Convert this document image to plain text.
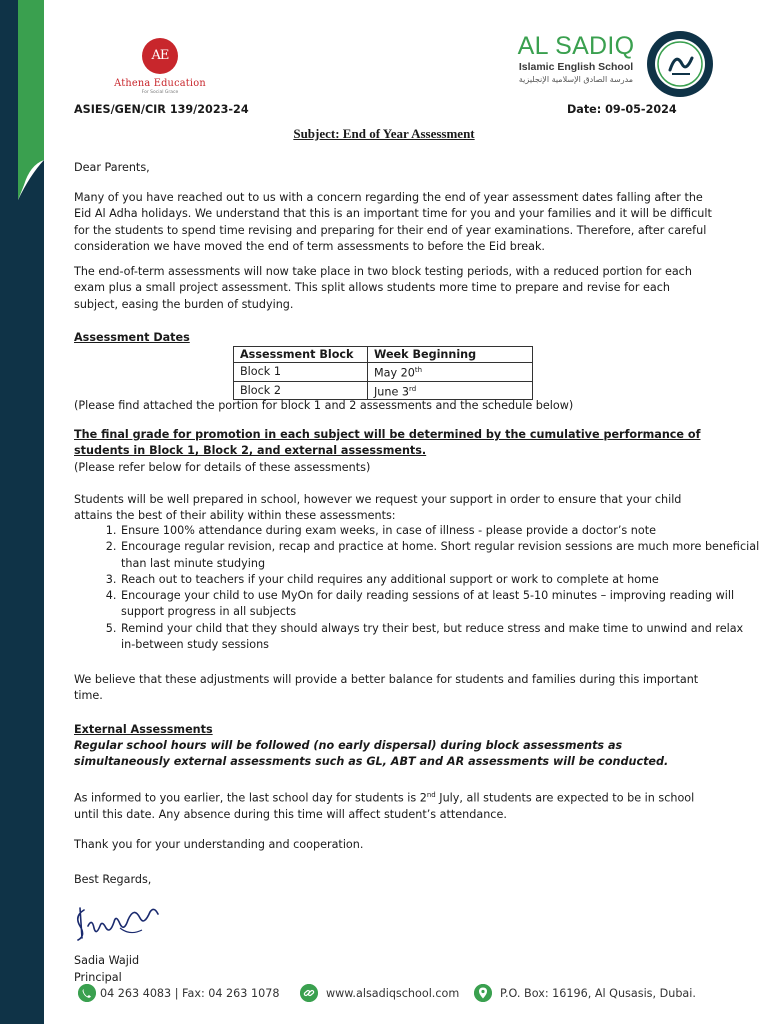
AE
Athena Education
For Social Grace
AL SADIQ
Islamic English School
مدرسة الصادق الإسلامية الإنجليزية
ASIES/GEN/CIR 139/2023-24	Date: 09-05-2024
Subject: End of Year Assessment

Dear Parents,

Many of you have reached out to us with a concern regarding the end of year assessment dates falling after the Eid Al Adha holidays. We understand that this is an important time for you and your families and it will be difficult for the students to spend time revising and preparing for their end of year examinations. Therefore, after careful consideration we have moved the end of term assessments to before the Eid break.

The end-of-term assessments will now take place in two block testing periods, with a reduced portion for each exam plus a small project assessment. This split allows students more time to prepare and revise for each subject, easing the burden of studying.

Assessment Dates

Assessment Block	Week Beginning
Block 1	May 20th
Block 2	June 3rd

(Please find attached the portion for block 1 and 2 assessments and the schedule below)

The final grade for promotion in each subject will be determined by the cumulative performance of students in Block 1, Block 2, and external assessments.

(Please refer below for details of these assessments)

Students will be well prepared in school, however we request your support in order to ensure that your child attains the best of their ability within these assessments:

1. Ensure 100% attendance during exam weeks, in case of illness - please provide a doctor’s note
2. Encourage regular revision, recap and practice at home. Short regular revision sessions are much more beneficial than last minute studying
3. Reach out to teachers if your child requires any additional support or work to complete at home
4. Encourage your child to use MyOn for daily reading sessions of at least 5-10 minutes – improving reading will support progress in all subjects
5. Remind your child that they should always try their best, but reduce stress and make time to unwind and relax in-between study sessions

We believe that these adjustments will provide a better balance for students and families during this important time.

External Assessments

Regular school hours will be followed (no early dispersal) during block assessments as simultaneously external assessments such as GL, ABT and AR assessments will be conducted.

As informed to you earlier, the last school day for students is 2nd July, all students are expected to be in school until this date. Any absence during this time will affect student’s attendance.

Thank you for your understanding and cooperation.

Best Regards,

Sadia Wajid

Principal

04 263 4083 | Fax: 04 263 1078	www.alsadiqschool.com	P.O. Box: 16196, Al Qusasis, Dubai.
